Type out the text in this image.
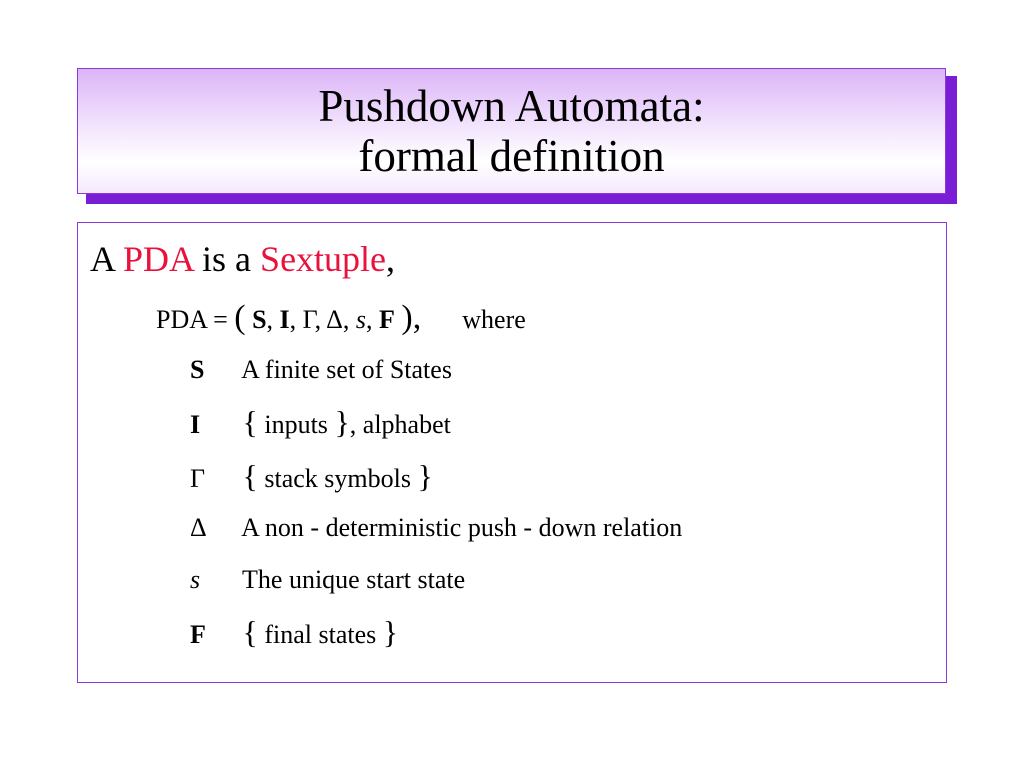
Pushdown Automata:
formal definition
A PDA is a Sextuple,
PDA = ( S, I, Γ, Δ, s, F ), where
S A finite set of States
I { inputs }, alphabet
Γ { stack symbols }
Δ A non - deterministic push - down relation
s The unique start state
F { final states }
